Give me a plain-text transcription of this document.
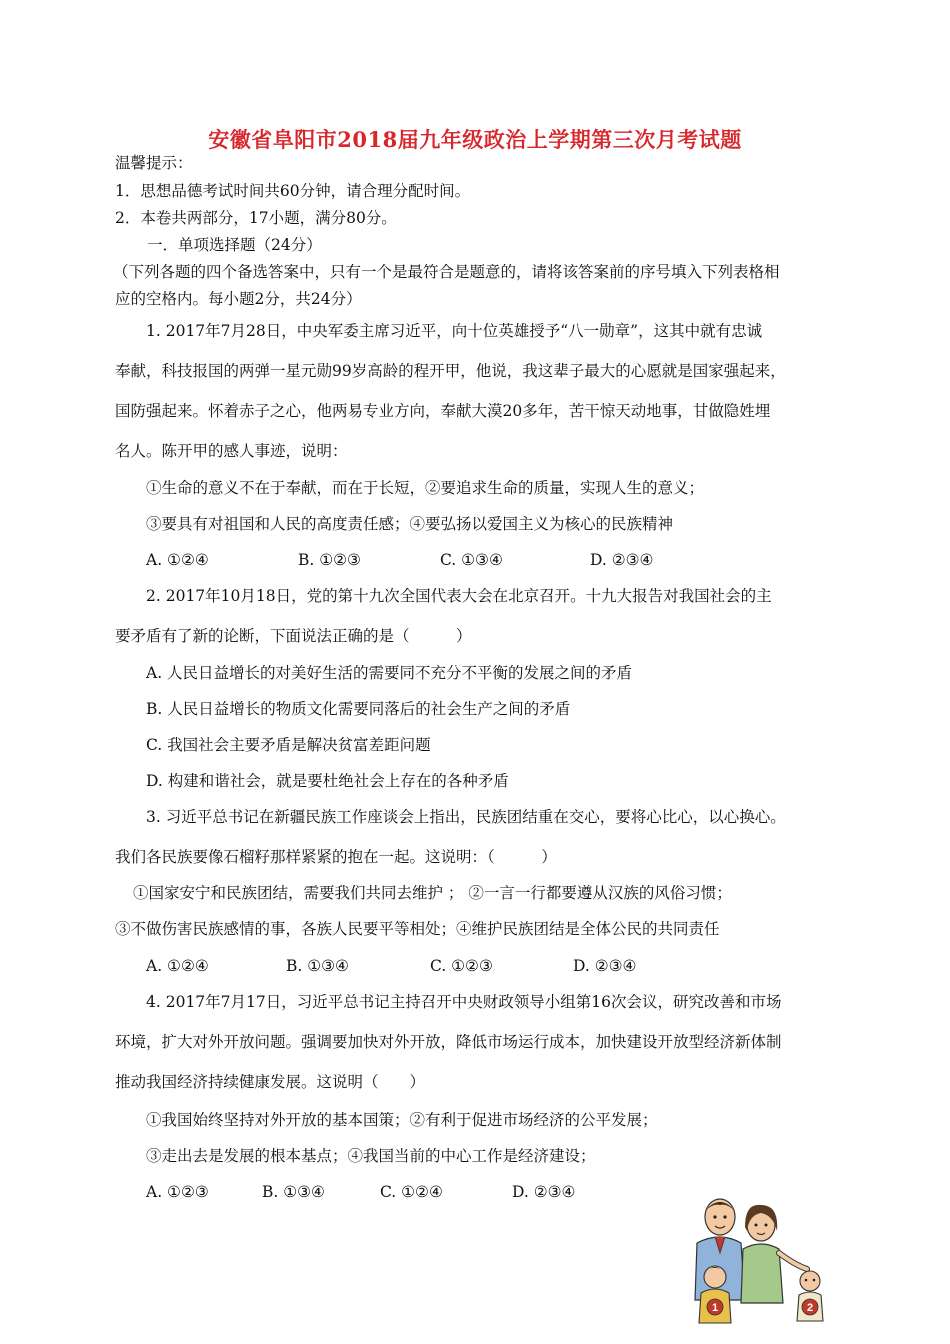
安徽省阜阳市2018届九年级政治上学期第三次月考试题
温馨提示：
1．思想品德考试时间共60分钟，请合理分配时间。
2．本卷共两部分，17小题，满分80分。
一．单项选择题（24分）
（下列各题的四个备选答案中，只有一个是最符合是题意的，请将该答案前的序号填入下列表格相
应的空格内。每小题2分，共24分）
1. 2017年7月28日，中央军委主席习近平，向十位英雄授予“八一勋章”，这其中就有忠诚
奉献，科技报国的两弹一星元勋99岁高龄的程开甲，他说，我这辈子最大的心愿就是国家强起来，
国防强起来。怀着赤子之心，他两易专业方向，奉献大漠20多年，苦干惊天动地事，甘做隐姓埋
名人。陈开甲的感人事迹，说明：
①生命的意义不在于奉献，而在于长短，②要追求生命的质量，实现人生的意义；
③要具有对祖国和人民的高度责任感；④要弘扬以爱国主义为核心的民族精神
A. ①②④	B. ①②③	C. ①③④	D. ②③④
2. 2017年10月18日，党的第十九次全国代表大会在北京召开。十九大报告对我国社会的主
要矛盾有了新的论断，下面说法正确的是（　　　）
A. 人民日益增长的对美好生活的需要同不充分不平衡的发展之间的矛盾
B. 人民日益增长的物质文化需要同落后的社会生产之间的矛盾
C. 我国社会主要矛盾是解决贫富差距问题
D. 构建和谐社会，就是要杜绝社会上存在的各种矛盾
3. 习近平总书记在新疆民族工作座谈会上指出，民族团结重在交心，要将心比心，以心换心。
我们各民族要像石榴籽那样紧紧的抱在一起。这说明：（　　　）
①国家安宁和民族团结，需要我们共同去维护 ； ②一言一行都要遵从汉族的风俗习惯；
③不做伤害民族感情的事，各族人民要平等相处；④维护民族团结是全体公民的共同责任
A. ①②④	B. ①③④	C. ①②③	D. ②③④
4. 2017年7月17日，习近平总书记主持召开中央财政领导小组第16次会议，研究改善和市场
环境，扩大对外开放问题。强调要加快对外开放，降低市场运行成本，加快建设开放型经济新体制
推动我国经济持续健康发展。这说明（　　）
①我国始终坚持对外开放的基本国策；②有利于促进市场经济的公平发展；
③走出去是发展的根本基点；④我国当前的中心工作是经济建设；
A. ①②③	B. ①③④	C. ①②④	D. ②③④
1	2
